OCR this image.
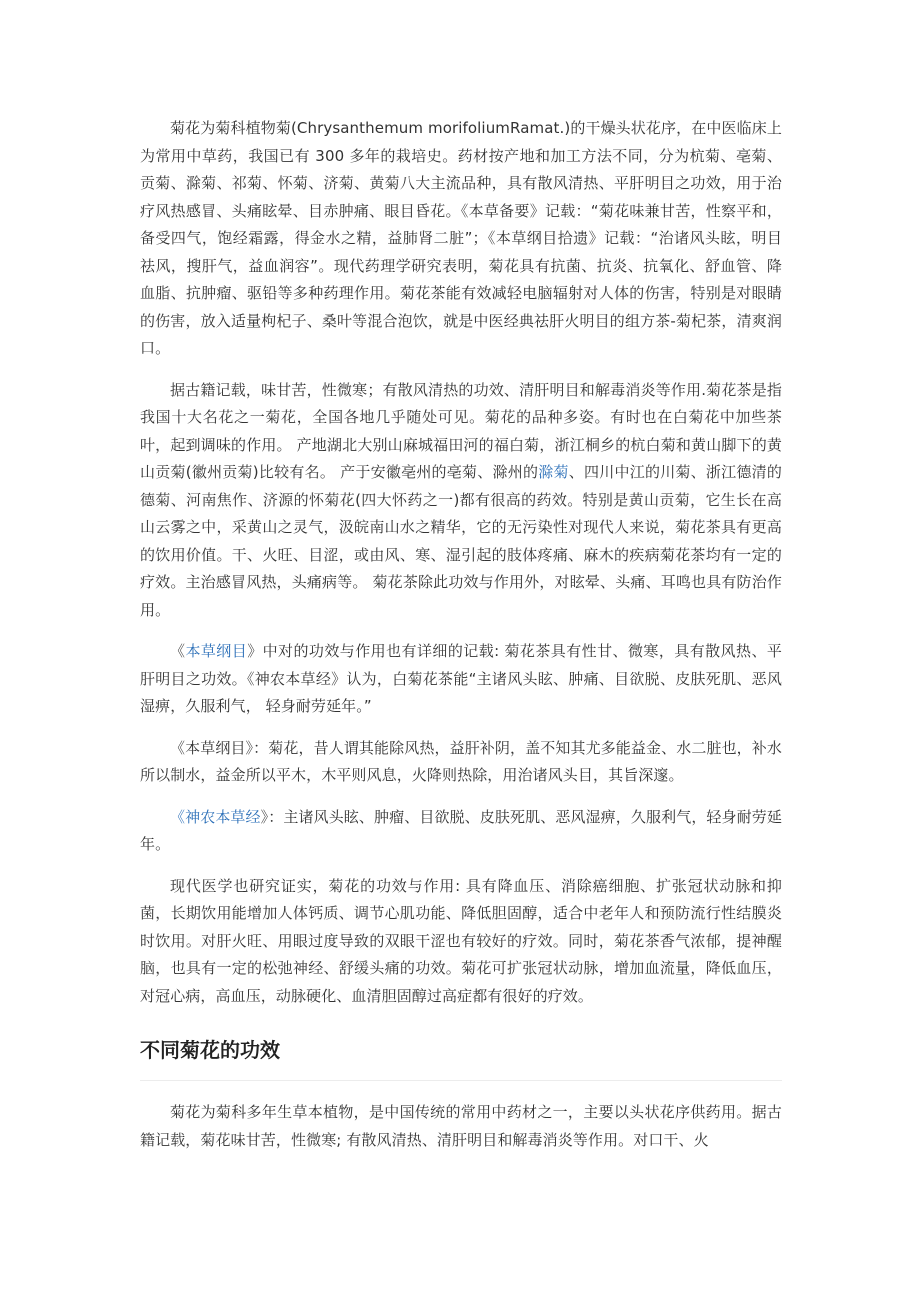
菊花为菊科植物菊(Chrysanthemum morifoliumRamat.)的干燥头状花序，在中医临床上为常用中草药，我国已有 300 多年的栽培史。药材按产地和加工方法不同，分为杭菊、亳菊、贡菊、滁菊、祁菊、怀菊、济菊、黄菊八大主流品种，具有散风清热、平肝明目之功效，用于治疗风热感冒、头痛眩晕、目赤肿痛、眼目昏花。《本草备要》记载：“菊花味兼甘苦，性察平和，备受四气，饱经霜露，得金水之精，益肺肾二脏”；《本草纲目拾遗》记载：“治诸风头眩，明目祛风，搜肝气，益血润容”。现代药理学研究表明，菊花具有抗菌、抗炎、抗氧化、舒血管、降血脂、抗肿瘤、驱铅等多种药理作用。菊花茶能有效减轻电脑辐射对人体的伤害，特别是对眼睛的伤害，放入适量枸杞子、桑叶等混合泡饮，就是中医经典祛肝火明目的组方茶-菊杞茶，清爽润口。

据古籍记载，味甘苦，性微寒；有散风清热的功效、清肝明目和解毒消炎等作用.菊花茶是指我国十大名花之一菊花，全国各地几乎随处可见。菊花的品种多姿。有时也在白菊花中加些茶叶，起到调味的作用。 产地湖北大别山麻城福田河的福白菊，浙江桐乡的杭白菊和黄山脚下的黄山贡菊(徽州贡菊)比较有名。 产于安徽亳州的亳菊、滁州的滁菊、四川中江的川菊、浙江德清的德菊、河南焦作、济源的怀菊花(四大怀药之一)都有很高的药效。特别是黄山贡菊，它生长在高山云雾之中，采黄山之灵气，汲皖南山水之精华，它的无污染性对现代人来说，菊花茶具有更高的饮用价值。干、火旺、目涩，或由风、寒、湿引起的肢体疼痛、麻木的疾病菊花茶均有一定的疗效。主治感冒风热，头痛病等。 菊花茶除此功效与作用外，对眩晕、头痛、耳鸣也具有防治作用。

《本草纲目》中对的功效与作用也有详细的记载: 菊花茶具有性甘、微寒，具有散风热、平肝明目之功效。《神农本草经》认为，白菊花茶能“主诸风头眩、肿痛、目欲脱、皮肤死肌、恶风湿痹，久服利气， 轻身耐劳延年。”

《本草纲目》：菊花，昔人谓其能除风热，益肝补阴，盖不知其尤多能益金、水二脏也，补水所以制水，益金所以平木，木平则风息，火降则热除，用治诸风头目，其旨深邃。

《神农本草经》：主诸风头眩、肿瘤、目欲脱、皮肤死肌、恶风湿痹，久服利气，轻身耐劳延年。

现代医学也研究证实，菊花的功效与作用: 具有降血压、消除癌细胞、扩张冠状动脉和抑菌，长期饮用能增加人体钙质、调节心肌功能、降低胆固醇，适合中老年人和预防流行性结膜炎时饮用。对肝火旺、用眼过度导致的双眼干涩也有较好的疗效。同时，菊花茶香气浓郁，提神醒脑，也具有一定的松弛神经、舒缓头痛的功效。菊花可扩张冠状动脉，增加血流量，降低血压，对冠心病，高血压，动脉硬化、血清胆固醇过高症都有很好的疗效。

不同菊花的功效

菊花为菊科多年生草本植物，是中国传统的常用中药材之一，主要以头状花序供药用。据古籍记载，菊花味甘苦，性微寒; 有散风清热、清肝明目和解毒消炎等作用。对口干、火
